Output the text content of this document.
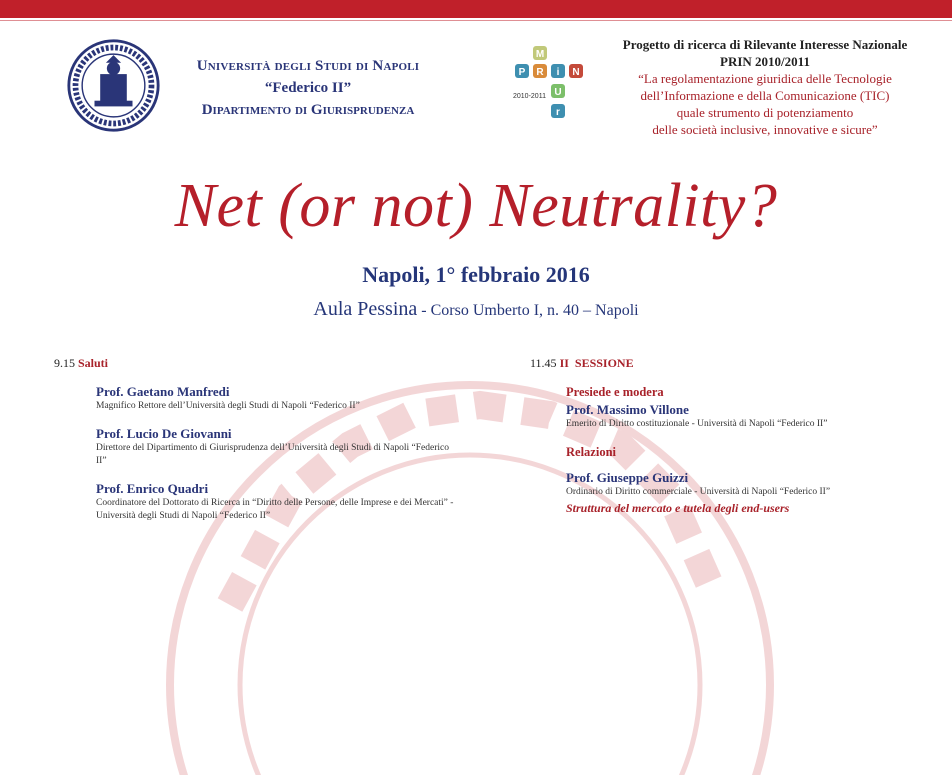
Università degli Studi di Napoli
“Federico II”
Dipartimento di Giurisprudenza
M
P R i N
2010-2011 U
r
Progetto di ricerca di Rilevante Interesse Nazionale
PRIN 2010/2011
“La regolamentazione giuridica delle Tecnologie
dell’Informazione e della Comunicazione (TIC)
quale strumento di potenziamento
delle società inclusive, innovative e sicure”
Net (or not) Neutrality?
Napoli, 1° febbraio 2016
Aula Pessina - Corso Umberto I, n. 40 – Napoli
9.15 Saluti
Prof. Gaetano Manfredi
Magnifico Rettore dell’Università degli Studi di Napoli “Federico II”
Prof. Lucio De Giovanni
Direttore del Dipartimento di Giurisprudenza dell’Università degli Studi di Napoli “Federico II”
Prof. Enrico Quadri
Coordinatore del Dottorato di Ricerca in “Diritto delle Persone, delle Imprese e dei Mercati” - Università degli Studi di Napoli “Federico II”
11.45 II  SESSIONE
Presiede e modera
Prof. Massimo Villone
Emerito di Diritto costituzionale - Università di Napoli “Federico II”
Relazioni
Prof. Giuseppe Guizzi
Ordinario di Diritto commerciale - Università di Napoli “Federico II”
Struttura del mercato e tutela degli end-users
